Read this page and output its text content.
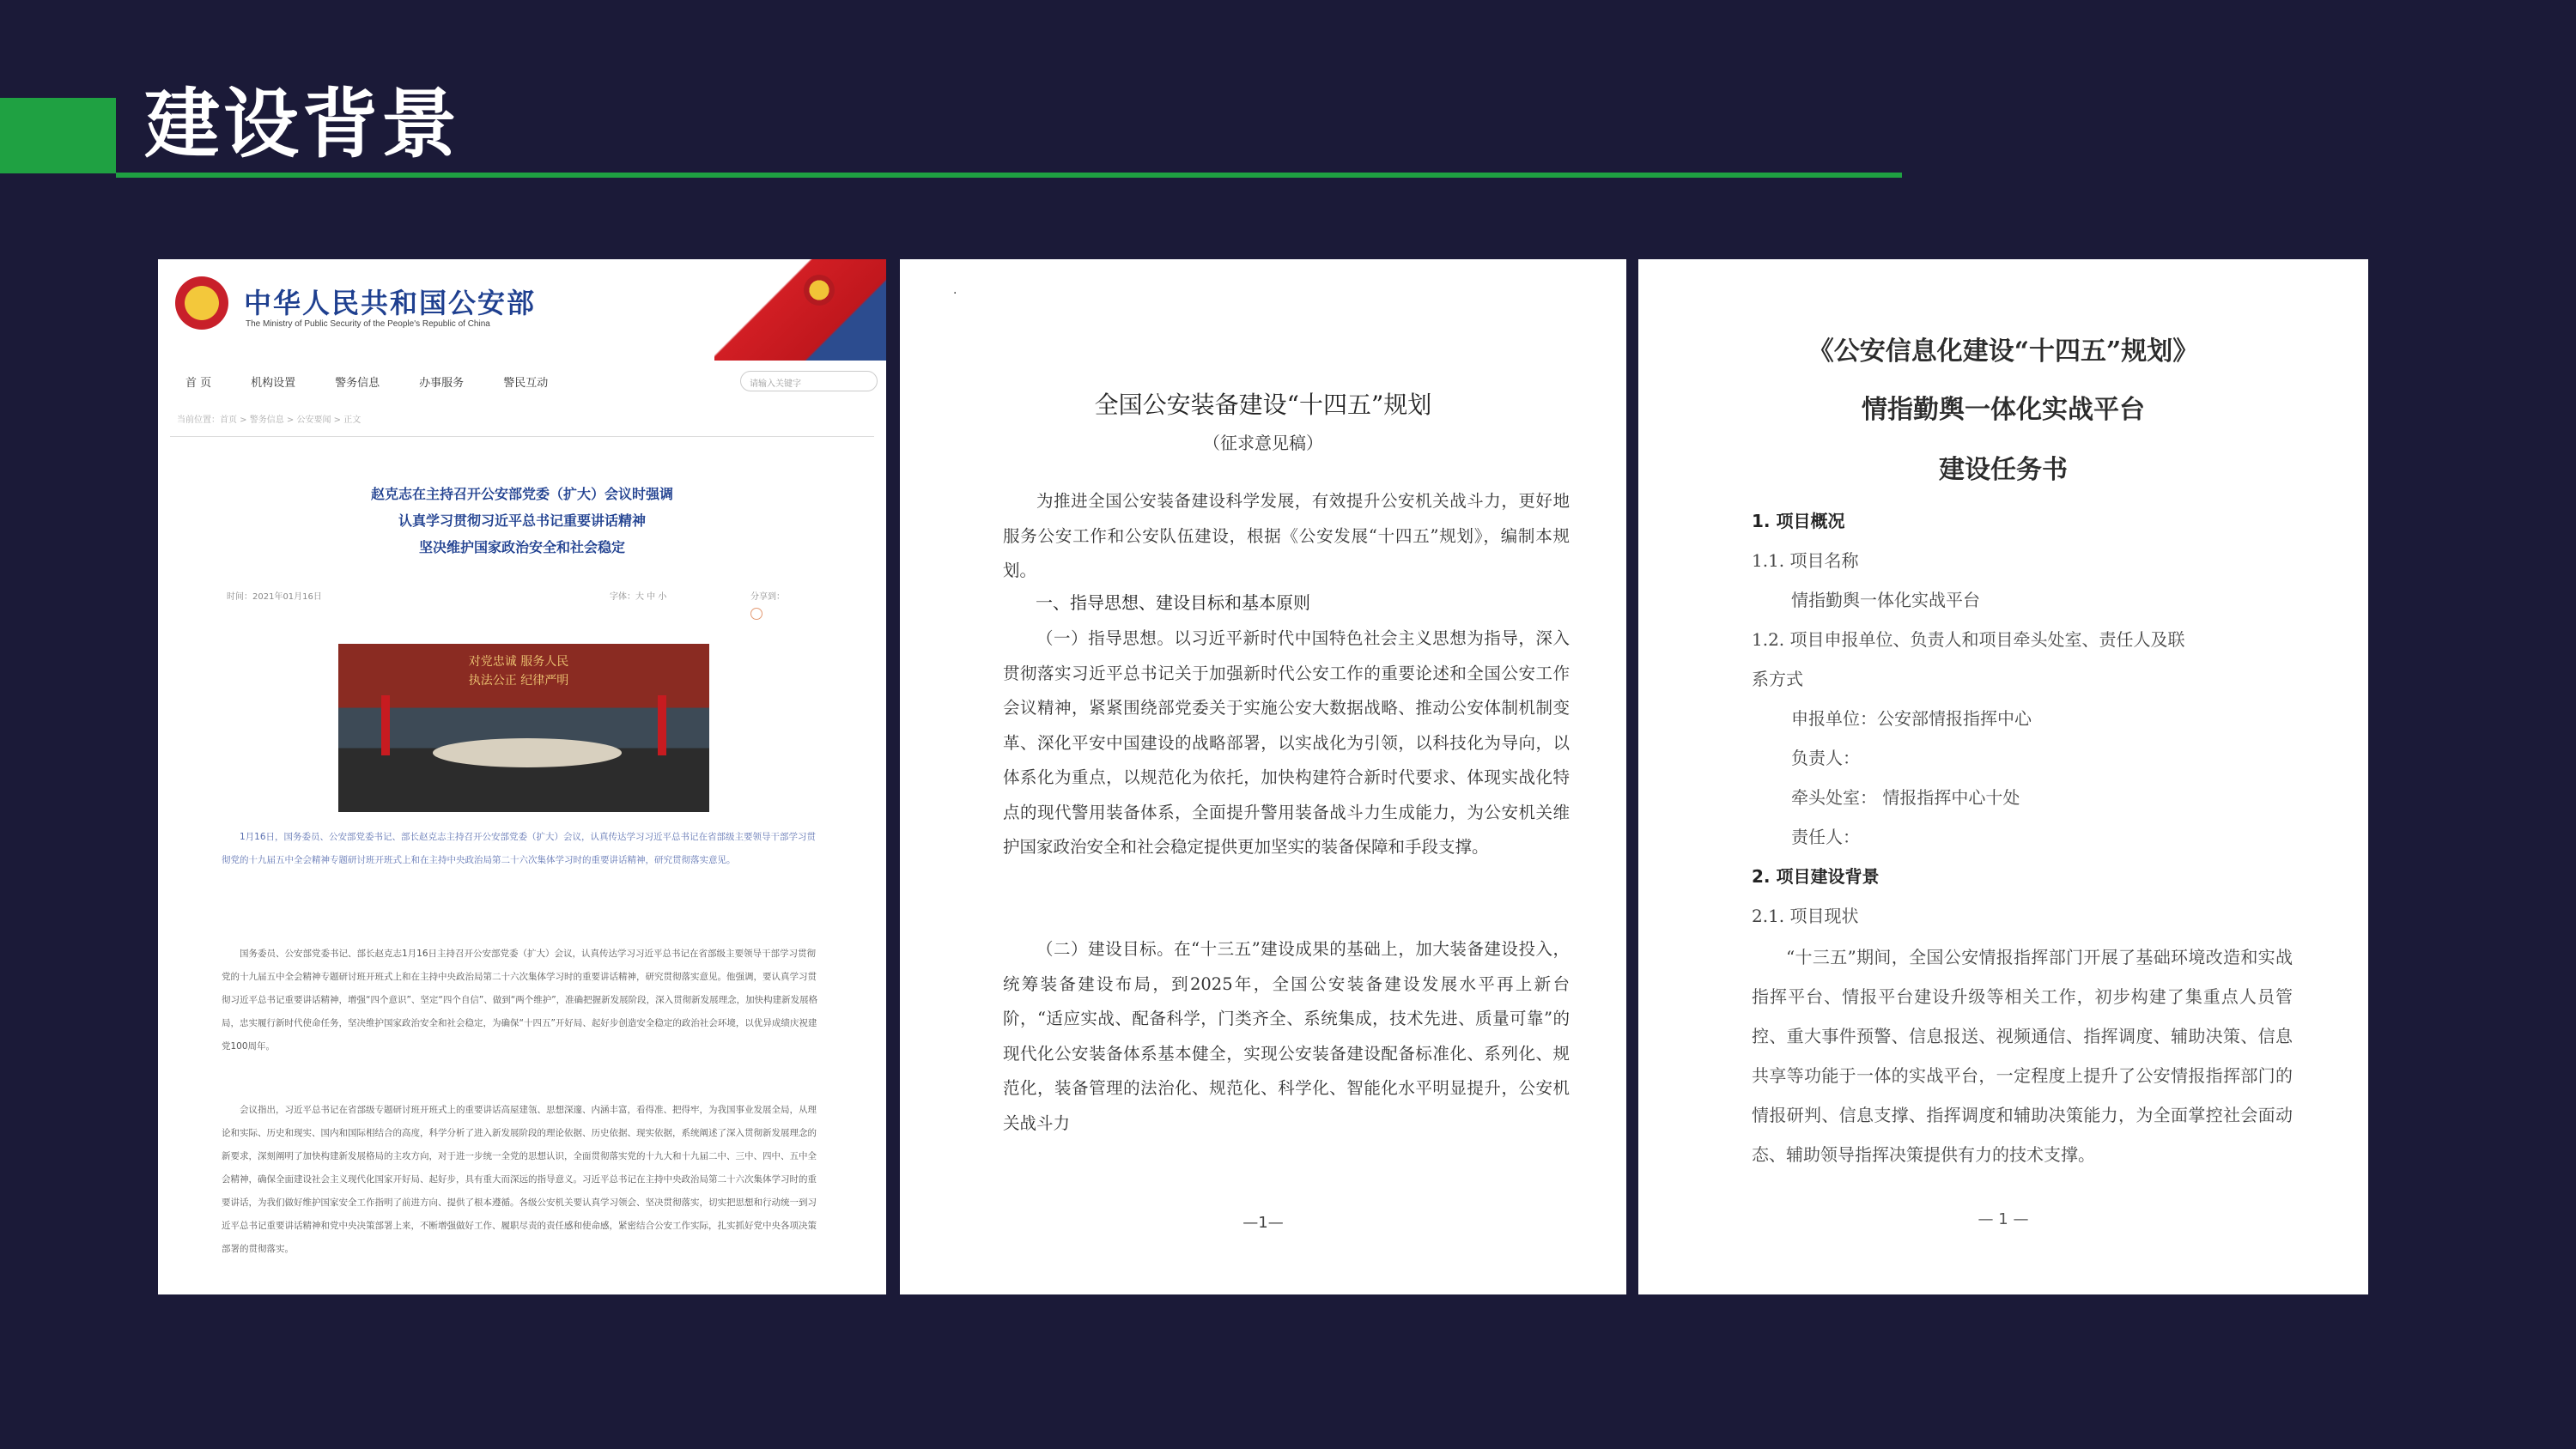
建设背景
中华人民共和国公安部
The Ministry of Public Security of the People's Republic of China
首 页	机构设置	警务信息	办事服务	警民互动	请输入关键字
当前位置：首页 > 警务信息 > 公安要闻 > 正文
赵克志在主持召开公安部党委（扩大）会议时强调
认真学习贯彻习近平总书记重要讲话精神
坚决维护国家政治安全和社会稳定
时间：2021年01月16日	字体：大 中 小	分享到：
对党忠诚 服务人民
执法公正 纪律严明
1月16日，国务委员、公安部党委书记、部长赵克志主持召开公安部党委（扩大）会议，认真传达学习习近平总书记在省部级主要领导干部学习贯彻党的十九届五中全会精神专题研讨班开班式上和在主持中央政治局第二十六次集体学习时的重要讲话精神，研究贯彻落实意见。
国务委员、公安部党委书记、部长赵克志1月16日主持召开公安部党委（扩大）会议，认真传达学习习近平总书记在省部级主要领导干部学习贯彻党的十九届五中全会精神专题研讨班开班式上和在主持中央政治局第二十六次集体学习时的重要讲话精神，研究贯彻落实意见。他强调，要认真学习贯彻习近平总书记重要讲话精神，增强“四个意识”、坚定“四个自信”、做到“两个维护”，准确把握新发展阶段，深入贯彻新发展理念，加快构建新发展格局，忠实履行新时代使命任务，坚决维护国家政治安全和社会稳定，为确保“十四五”开好局、起好步创造安全稳定的政治社会环境，以优异成绩庆祝建党100周年。
会议指出，习近平总书记在省部级专题研讨班开班式上的重要讲话高屋建瓴、思想深邃、内涵丰富，看得准、把得牢，为我国事业发展全局，从理论和实际、历史和现实、国内和国际相结合的高度，科学分析了进入新发展阶段的理论依据、历史依据、现实依据，系统阐述了深入贯彻新发展理念的新要求，深刻阐明了加快构建新发展格局的主攻方向，对于进一步统一全党的思想认识，全面贯彻落实党的十九大和十九届二中、三中、四中、五中全会精神，确保全面建设社会主义现代化国家开好局、起好步，具有重大而深远的指导意义。习近平总书记在主持中央政治局第二十六次集体学习时的重要讲话，为我们做好维护国家安全工作指明了前进方向、提供了根本遵循。各级公安机关要认真学习领会、坚决贯彻落实，切实把思想和行动统一到习近平总书记重要讲话精神和党中央决策部署上来，不断增强做好工作、履职尽责的责任感和使命感，紧密结合公安工作实际，扎实抓好党中央各项决策部署的贯彻落实。
·
全国公安装备建设“十四五”规划
（征求意见稿）
为推进全国公安装备建设科学发展，有效提升公安机关战斗力，更好地服务公安工作和公安队伍建设，根据《公安发展“十四五”规划》，编制本规划。
一、指导思想、建设目标和基本原则
（一）指导思想。以习近平新时代中国特色社会主义思想为指导，深入贯彻落实习近平总书记关于加强新时代公安工作的重要论述和全国公安工作会议精神，紧紧围绕部党委关于实施公安大数据战略、推动公安体制机制变革、深化平安中国建设的战略部署，以实战化为引领，以科技化为导向，以体系化为重点，以规范化为依托，加快构建符合新时代要求、体现实战化特点的现代警用装备体系，全面提升警用装备战斗力生成能力，为公安机关维护国家政治安全和社会稳定提供更加坚实的装备保障和手段支撑。
（二）建设目标。在“十三五”建设成果的基础上，加大装备建设投入，统筹装备建设布局，到2025年，全国公安装备建设发展水平再上新台阶，“适应实战、配备科学，门类齐全、系统集成，技术先进、质量可靠”的现代化公安装备体系基本健全，实现公安装备建设配备标准化、系列化、规范化，装备管理的法治化、规范化、科学化、智能化水平明显提升，公安机关战斗力
—1—
《公安信息化建设“十四五”规划》
情指勤舆一体化实战平台
建设任务书
1. 项目概况
1.1. 项目名称
情指勤舆一体化实战平台
1.2. 项目申报单位、负责人和项目牵头处室、责任人及联
系方式
申报单位：公安部情报指挥中心
负责人：
牵头处室： 情报指挥中心十处
责任人：
2. 项目建设背景
2.1. 项目现状
“十三五”期间，全国公安情报指挥部门开展了基础环境改造和实战指挥平台、情报平台建设升级等相关工作，初步构建了集重点人员管控、重大事件预警、信息报送、视频通信、指挥调度、辅助决策、信息共享等功能于一体的实战平台，一定程度上提升了公安情报指挥部门的情报研判、信息支撑、指挥调度和辅助决策能力，为全面掌控社会面动态、辅助领导指挥决策提供有力的技术支撑。
— 1 —
